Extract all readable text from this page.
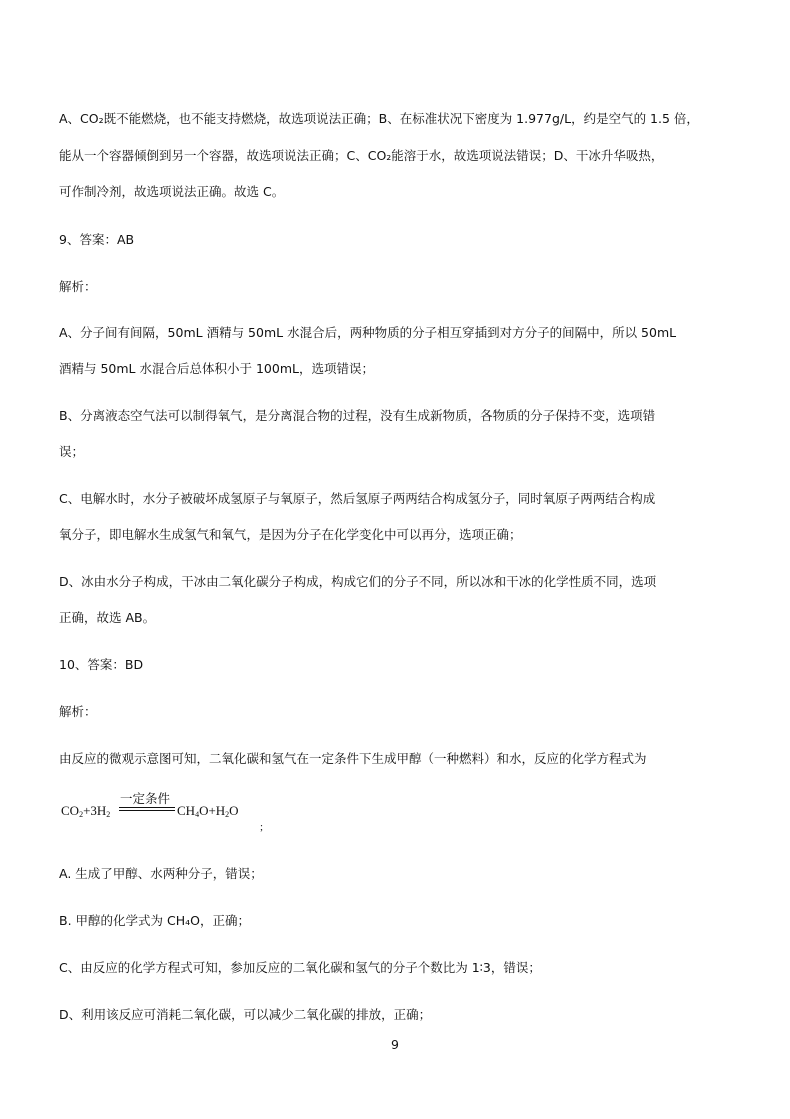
A、CO₂既不能燃烧，也不能支持燃烧，故选项说法正确；B、在标准状况下密度为 1.977g/L，约是空气的 1.5 倍，
能从一个容器倾倒到另一个容器，故选项说法正确；C、CO₂能溶于水，故选项说法错误；D、干冰升华吸热，
可作制冷剂，故选项说法正确。故选 C。
9、答案：AB
解析：
A、分子间有间隔，50mL 酒精与 50mL 水混合后，两种物质的分子相互穿插到对方分子的间隔中，所以 50mL
酒精与 50mL 水混合后总体积小于 100mL，选项错误；
B、分离液态空气法可以制得氧气，是分离混合物的过程，没有生成新物质，各物质的分子保持不变，选项错
误；
C、电解水时，水分子被破坏成氢原子与氧原子，然后氢原子两两结合构成氢分子，同时氧原子两两结合构成
氧分子，即电解水生成氢气和氧气，是因为分子在化学变化中可以再分，选项正确；
D、冰由水分子构成，干冰由二氧化碳分子构成，构成它们的分子不同，所以冰和干冰的化学性质不同，选项
正确，故选 AB。
10、答案：BD
解析：
由反应的微观示意图可知，二氧化碳和氢气在一定条件下生成甲醇（一种燃料）和水，反应的化学方程式为
$CO_2+3H_2$
一定条件
$CH_4O+H_2O$
;
A. 生成了甲醇、水两种分子，错误；
B. 甲醇的化学式为 CH₄O，正确；
C、由反应的化学方程式可知，参加反应的二氧化碳和氢气的分子个数比为 1∶3，错误；
D、利用该反应可消耗二氧化碳，可以减少二氧化碳的排放，正确；
9
